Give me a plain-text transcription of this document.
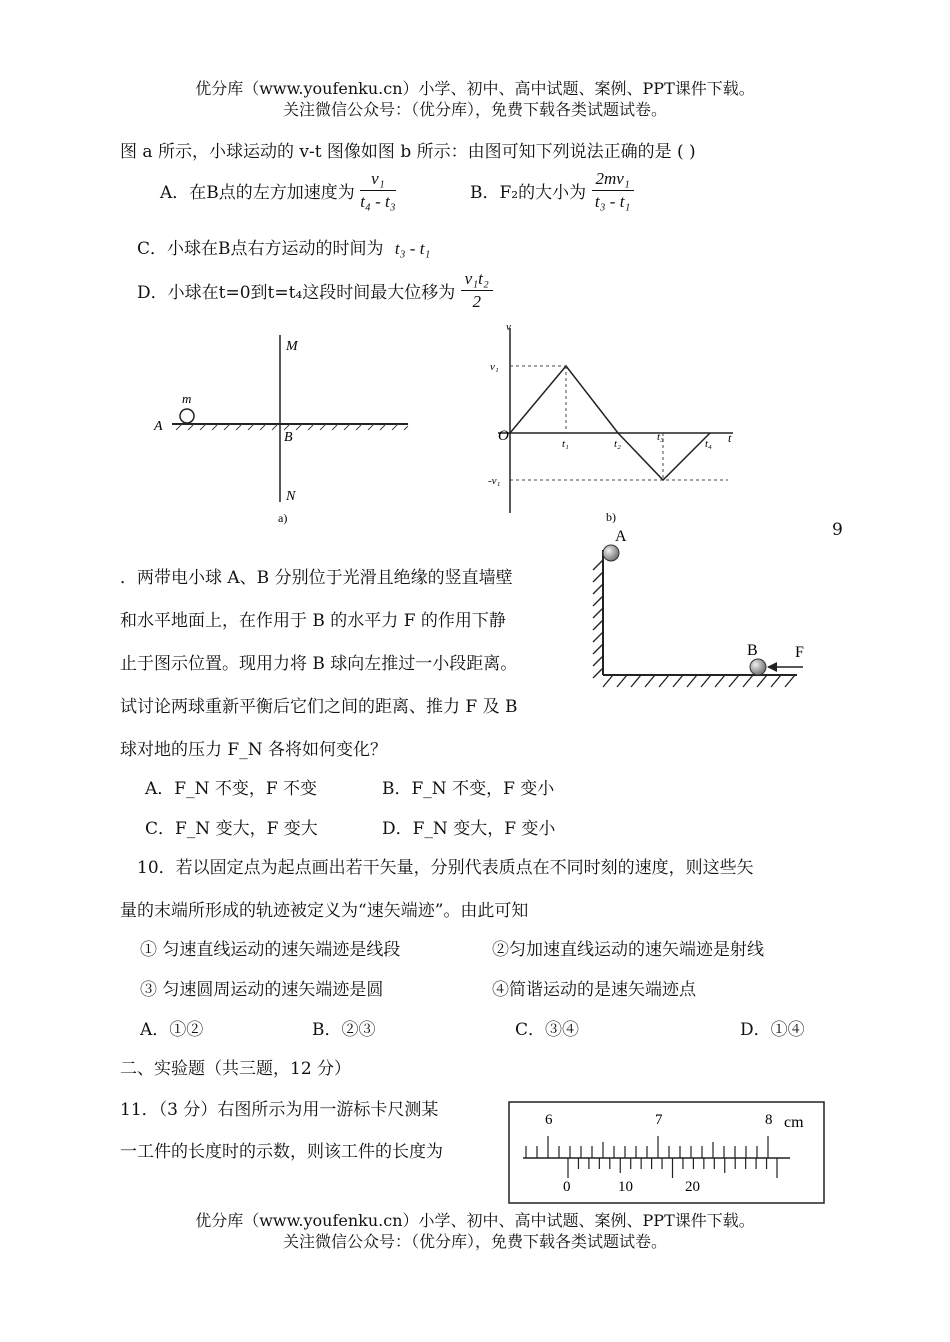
优分库（www.youfenku.cn）小学、初中、高中试题、案例、PPT课件下载。
关注微信公众号：（优分库），免费下载各类试题试卷。
图 a 所示，小球运动的 v-t 图像如图 b 所示：由图可知下列说法正确的是 ( )
A．在B点的左方加速度为 $\frac{\text{v₁}}{\text{t₄ - t₃}}$	B．F₂的大小为 $\frac{\text{2mv₁}}{\text{t₃ - t₁}}$
C．小球在B点右方运动的时间为 t₃ - t₁
D．小球在t=0到t=t₄这段时间最大位移为 $\frac{\text{v₁t₂}}{2}$
m
A
B
M
N
a)
v
v₁
-v₁
O	t₁	t₂
t₃
t₄ t
b)
9
．两带电小球 A、B 分别位于光滑且绝缘的竖直墙壁
和水平地面上，在作用于 B 的水平力 F 的作用下静
止于图示位置。现用力将 B 球向左推过一小段距离。
试讨论两球重新平衡后它们之间的距离、推力 F 及 B
球对地的压力 F_N 各将如何变化？
A．F_N 不变，F 不变	B．F_N 不变，F 变小
C．F_N 变大，F 变大	D．F_N 变大，F 变小
A
B F
10．若以固定点为起点画出若干矢量，分别代表质点在不同时刻的速度，则这些矢
量的末端所形成的轨迹被定义为“速矢端迹”。由此可知
① 匀速直线运动的速矢端迹是线段	②匀加速直线运动的速矢端迹是射线
③ 匀速圆周运动的速矢端迹是圆	④简谐运动的是速矢端迹点
A．①②	B．②③	C．③④	D．①④
二、实验题（共三题，12 分）
11．（3 分）右图所示为用一游标卡尺测某
一工件的长度时的示数，则该工件的长度为
6	7	8 cm
0	10	20
优分库（www.youfenku.cn）小学、初中、高中试题、案例、PPT课件下载。
关注微信公众号：（优分库），免费下载各类试题试卷。
